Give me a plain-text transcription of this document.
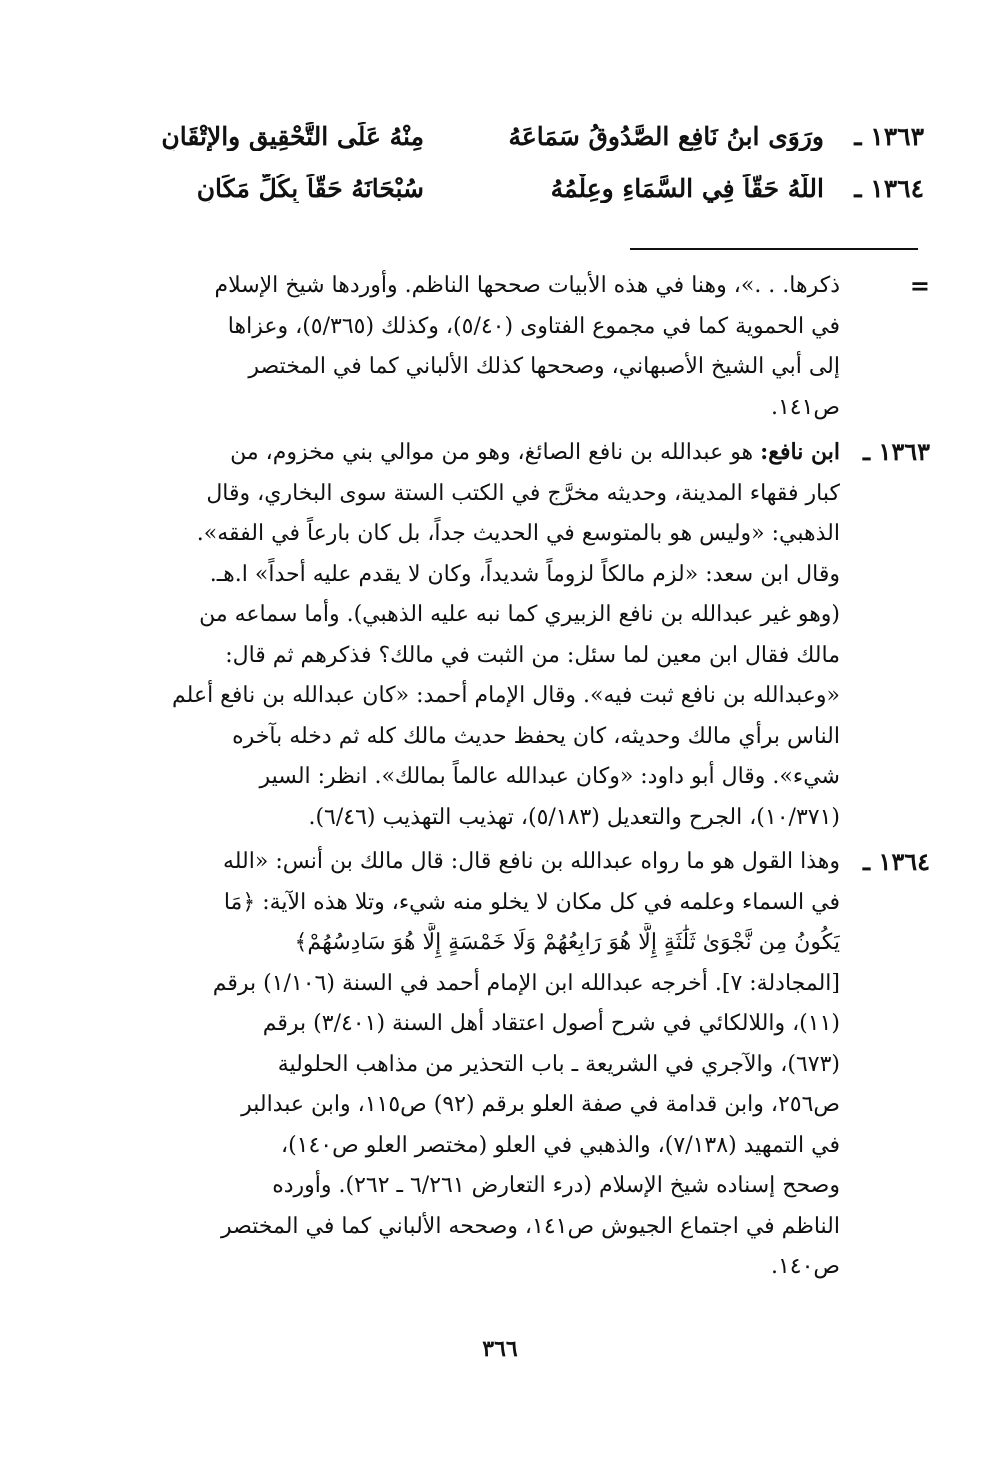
١٣٦٣ ـ
ورَوَى ابنُ نَافِعِ الصَّدُوقُ سَمَاعَهُ
مِنْهُ عَلَى التَّحْقِيقِ والإِتْقَانِ
١٣٦٤ ـ
اللّهُ حَقّاً فِي السَّمَاءِ وعِلْمُهُ
سُبْحَانَهُ حَقّاً بِكُلِّ مَكَانِ
=
ذكرها. . .»، وهنا في هذه الأبيات صححها الناظم. وأوردها شيخ الإسلام
في الحموية كما في مجموع الفتاوى (٥/٤٠)، وكذلك (٥/٣٦٥)، وعزاها
إلى أبي الشيخ الأصبهاني، وصححها كذلك الألباني كما في المختصر
ص١٤١.
١٣٦٣ ـ
ابن نافع: هو عبدالله بن نافع الصائغ، وهو من موالي بني مخزوم، من
كبار فقهاء المدينة، وحديثه مخرَّج في الكتب الستة سوى البخاري، وقال
الذهبي: «وليس هو بالمتوسع في الحديث جداً، بل كان بارعاً في الفقه».
وقال ابن سعد: «لزم مالكاً لزوماً شديداً، وكان لا يقدم عليه أحداً» ا.هـ.
(وهو غير عبدالله بن نافع الزبيري كما نبه عليه الذهبي). وأما سماعه من
مالك فقال ابن معين لما سئل: من الثبت في مالك؟ فذكرهم ثم قال:
«وعبدالله بن نافع ثبت فيه». وقال الإمام أحمد: «كان عبدالله بن نافع أعلم
الناس برأي مالك وحديثه، كان يحفظ حديث مالك كله ثم دخله بآخره
شيء». وقال أبو داود: «وكان عبدالله عالماً بمالك». انظر: السير
(١٠/٣٧١)، الجرح والتعديل (٥/١٨٣)، تهذيب التهذيب (٦/٤٦).
١٣٦٤ ـ
وهذا القول هو ما رواه عبدالله بن نافع قال: قال مالك بن أنس: «الله
في السماء وعلمه في كل مكان لا يخلو منه شيء، وتلا هذه الآية: ﴿مَا
يَكُونُ مِن نَّجْوَىٰ ثَلَٰثَةٍ إِلَّا هُوَ رَابِعُهُمْ وَلَا خَمْسَةٍ إِلَّا هُوَ سَادِسُهُمْ﴾
[المجادلة: ٧]. أخرجه عبدالله ابن الإمام أحمد في السنة (١/١٠٦) برقم
(١١)، واللالكائي في شرح أصول اعتقاد أهل السنة (٣/٤٠١) برقم
(٦٧٣)، والآجري في الشريعة ـ باب التحذير من مذاهب الحلولية
ص٢٥٦، وابن قدامة في صفة العلو برقم (٩٢) ص١١٥، وابن عبدالبر
في التمهيد (٧/١٣٨)، والذهبي في العلو (مختصر العلو ص١٤٠)،
وصحح إسناده شيخ الإسلام (درء التعارض ٦/٢٦١ ـ ٢٦٢). وأورده
الناظم في اجتماع الجيوش ص١٤١، وصححه الألباني كما في المختصر
ص١٤٠.
٣٦٦
